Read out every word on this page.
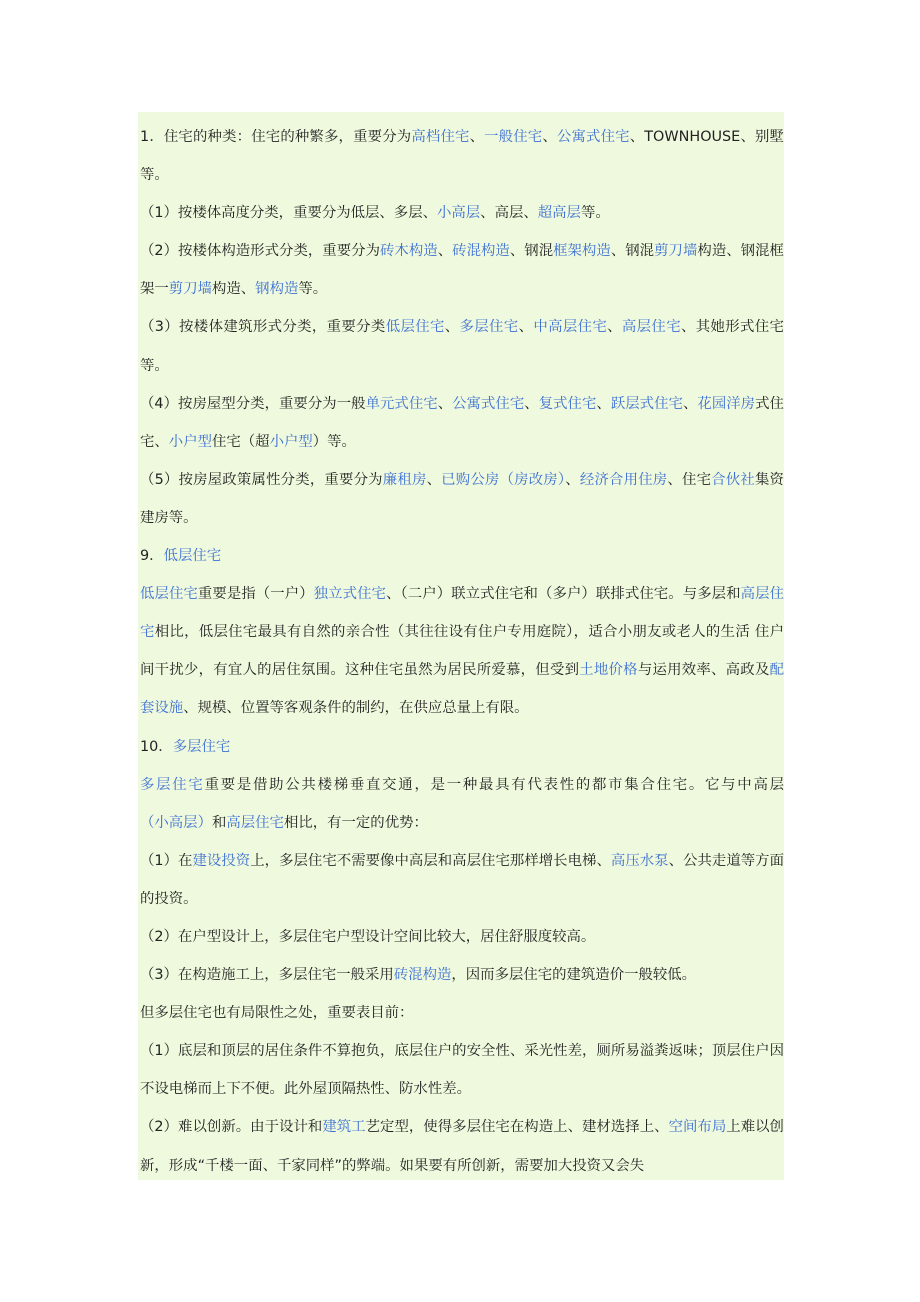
1．住宅的种类：住宅的种繁多，重要分为高档住宅、一般住宅、公寓式住宅、TOWNHOUSE、别墅等。

（1）按楼体高度分类，重要分为低层、多层、小高层、高层、超高层等。

（2）按楼体构造形式分类，重要分为砖木构造、砖混构造、钢混框架构造、钢混剪刀墙构造、钢混框架一剪刀墙构造、钢构造等。

（3）按楼体建筑形式分类，重要分类低层住宅、多层住宅、中高层住宅、高层住宅、其她形式住宅等。

（4）按房屋型分类，重要分为一般单元式住宅、公寓式住宅、复式住宅、跃层式住宅、花园洋房式住宅、小户型住宅（超小户型）等。

（5）按房屋政策属性分类，重要分为廉租房、已购公房（房改房）、经济合用住房、住宅合伙社集资建房等。

9．低层住宅

低层住宅重要是指（一户）独立式住宅、（二户）联立式住宅和（多户）联排式住宅。与多层和高层住宅相比，低层住宅最具有自然的亲合性（其往往设有住户专用庭院），适合小朋友或老人的生活 住户间干扰少，有宜人的居住氛围。这种住宅虽然为居民所爱慕，但受到土地价格与运用效率、高政及配套设施、规模、位置等客观条件的制约，在供应总量上有限。

10．多层住宅

多层住宅重要是借助公共楼梯垂直交通，是一种最具有代表性的都市集合住宅。它与中高层（小高层）和高层住宅相比，有一定的优势：

（1）在建设投资上，多层住宅不需要像中高层和高层住宅那样增长电梯、高压水泵、公共走道等方面的投资。

（2）在户型设计上，多层住宅户型设计空间比较大，居住舒服度较高。

（3）在构造施工上，多层住宅一般采用砖混构造，因而多层住宅的建筑造价一般较低。

但多层住宅也有局限性之处，重要表目前：

（1）底层和顶层的居住条件不算抱负，底层住户的安全性、采光性差，厕所易溢粪返味；顶层住户因不设电梯而上下不便。此外屋顶隔热性、防水性差。

（2）难以创新。由于设计和建筑工艺定型，使得多层住宅在构造上、建材选择上、空间布局上难以创新，形成“千楼一面、千家同样”的弊端。如果要有所创新，需要加大投资又会失
